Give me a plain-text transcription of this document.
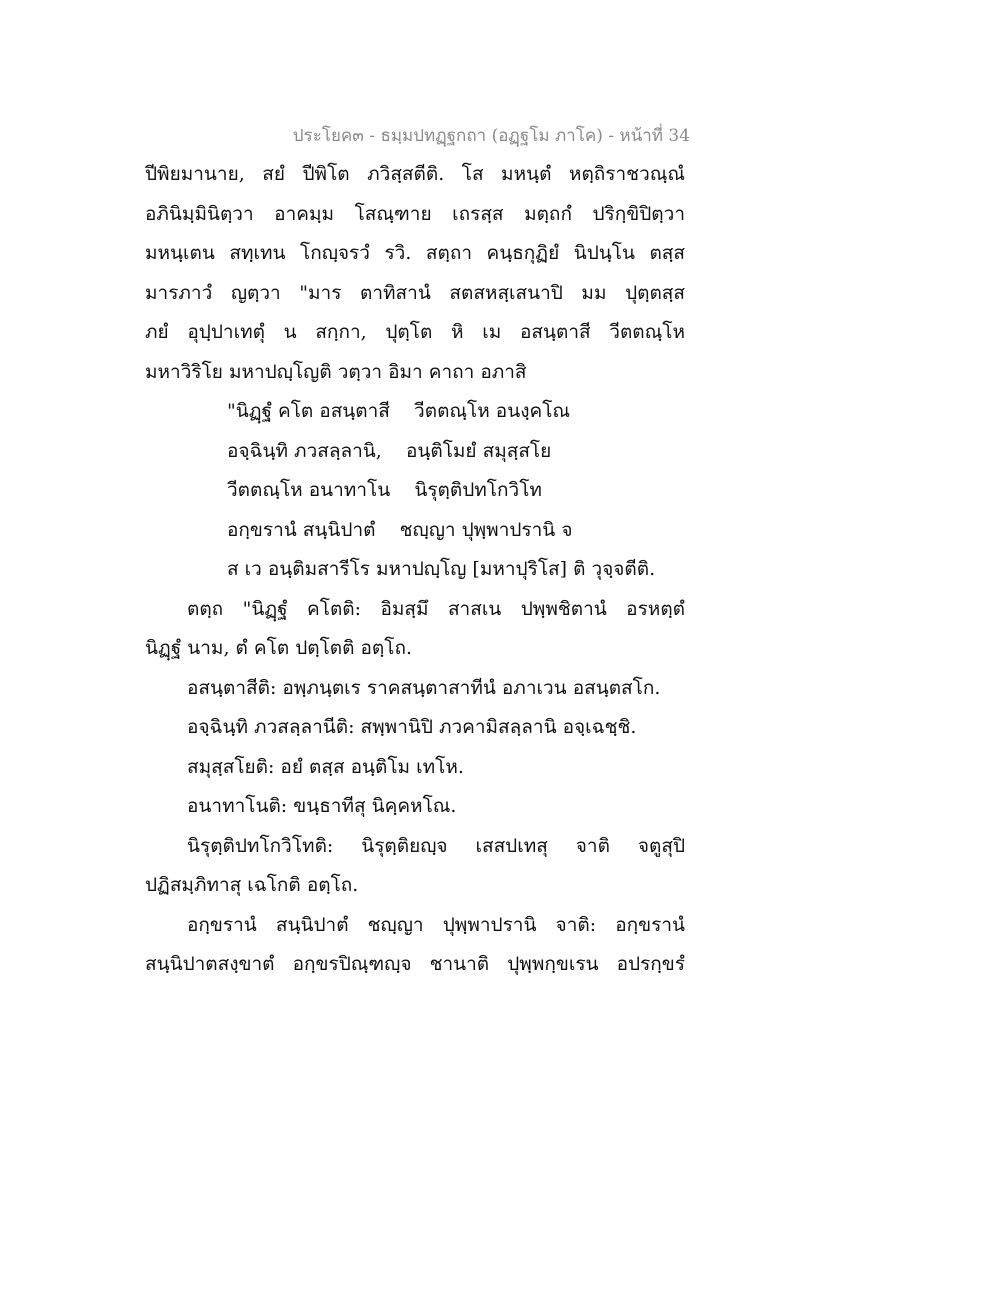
ประโยค๓ - ธมฺมปทฏฺฐกถา (อฏฺฐโม ภาโค) - หน้าที่ 34
ปีพิยมานาย, สยํ ปีพิโต ภวิสฺสตีติ. โส มหนฺตํ หตฺถิราชวณฺณํ
อภินิมฺมินิตฺวา อาคมฺม โสณฺฑาย เถรสฺส มตฺถกํ ปริกฺขิปิตฺวา
มหนฺเตน สทฺเทน โกญฺจรวํ รวิ. สตฺถา คนฺธกุฏิยํ นิปนฺโน ตสฺส
มารภาวํ ญตฺวา "มาร ตาทิสานํ สตสหสฺเสนาปิ มม ปุตฺตสฺส
ภยํ อุปฺปาเทตุํ น สกฺกา, ปุตฺโต หิ เม อสนฺตาสี วีตตณฺโห
มหาวิริโย มหาปญฺโญติ วตฺวา อิมา คาถา อภาสิ
"นิฏฺฐํ คโต อสนฺตาสี    วีตตณฺโห อนงฺคโณ
อจฺฉินฺทิ ภวสลฺลานิ,    อนฺติโมยํ สมุสฺสโย
วีตตณฺโห อนาทาโน    นิรุตฺติปทโกวิโท
อกฺขรานํ สนฺนิปาตํ    ชญฺญา ปุพฺพาปรานิ จ
ส เว อนฺติมสารีโร มหาปญฺโญ [มหาปุริโส] ติ วุจฺจตีติ.
ตตฺถ "นิฏฺฐํ คโตติ: อิมสฺมึ สาสเน ปพฺพชิตานํ อรหตฺตํ
นิฏฺฐํ นาม, ตํ คโต ปตฺโตติ อตฺโถ.
อสนฺตาสีติ: อพฺภนฺตเร ราคสนฺตาสาทีนํ อภาเวน อสนฺตสโก.
อจฺฉินฺทิ ภวสลฺลานีติ: สพฺพานิปิ ภวคามิสลฺลานิ อจฺเฉชฺชิ.
สมุสฺสโยติ: อยํ ตสฺส อนฺติโม เทโห.
อนาทาโนติ: ขนฺธาทีสุ นิคฺคหโณ.
นิรุตฺติปทโกวิโทติ: นิรุตฺติยญฺจ เสสปเทสุ จาติ จตูสุปิ
ปฏิสมฺภิทาสุ เฉโกติ อตฺโถ.
อกฺขรานํ สนฺนิปาตํ ชญฺญา ปุพฺพาปรานิ จาติ: อกฺขรานํ
สนฺนิปาตสงฺขาตํ อกฺขรปิณฺฑญฺจ ชานาติ ปุพฺพกฺขเรน อปรกฺขรํ
